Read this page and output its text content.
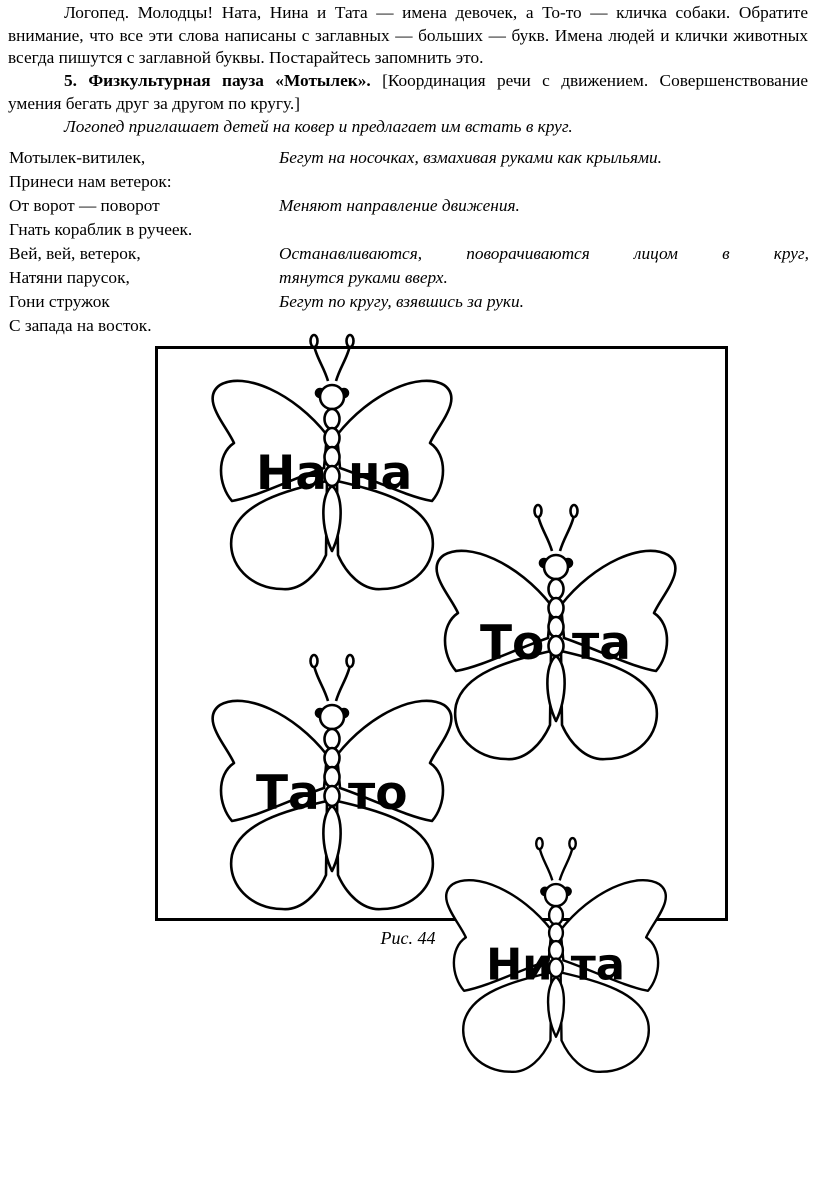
Логопед. Молодцы! Ната, Нина и Тата — имена девочек, а То-то — кличка собаки. Обратите внимание, что все эти слова написаны с заглавных — больших — букв. Имена людей и клички животных всегда пишутся с заглавной буквы. Постарайтесь запомнить это.

5. Физкультурная пауза «Мотылек». [Координация речи с движением. Совершенствование умения бегать друг за другом по кругу.]

Логопед приглашает детей на ковер и предлагает им встать в круг.

Мотылек-витилек,	Бегут на носочках, взмахивая руками как крыльями.
Принеси нам ветерок:
От ворот — поворот	Меняют направление движения.
Гнать кораблик в ручеек.
Вей, вей, ветерок,	Останавливаются, поворачиваются лицом в круг,
Натяни парусок,	тянутся руками вверх.
Гони стружок	Бегут по кругу, взявшись за руки.
С запада на восток.
На на
То та
Та то
Ни та
Рис. 44
